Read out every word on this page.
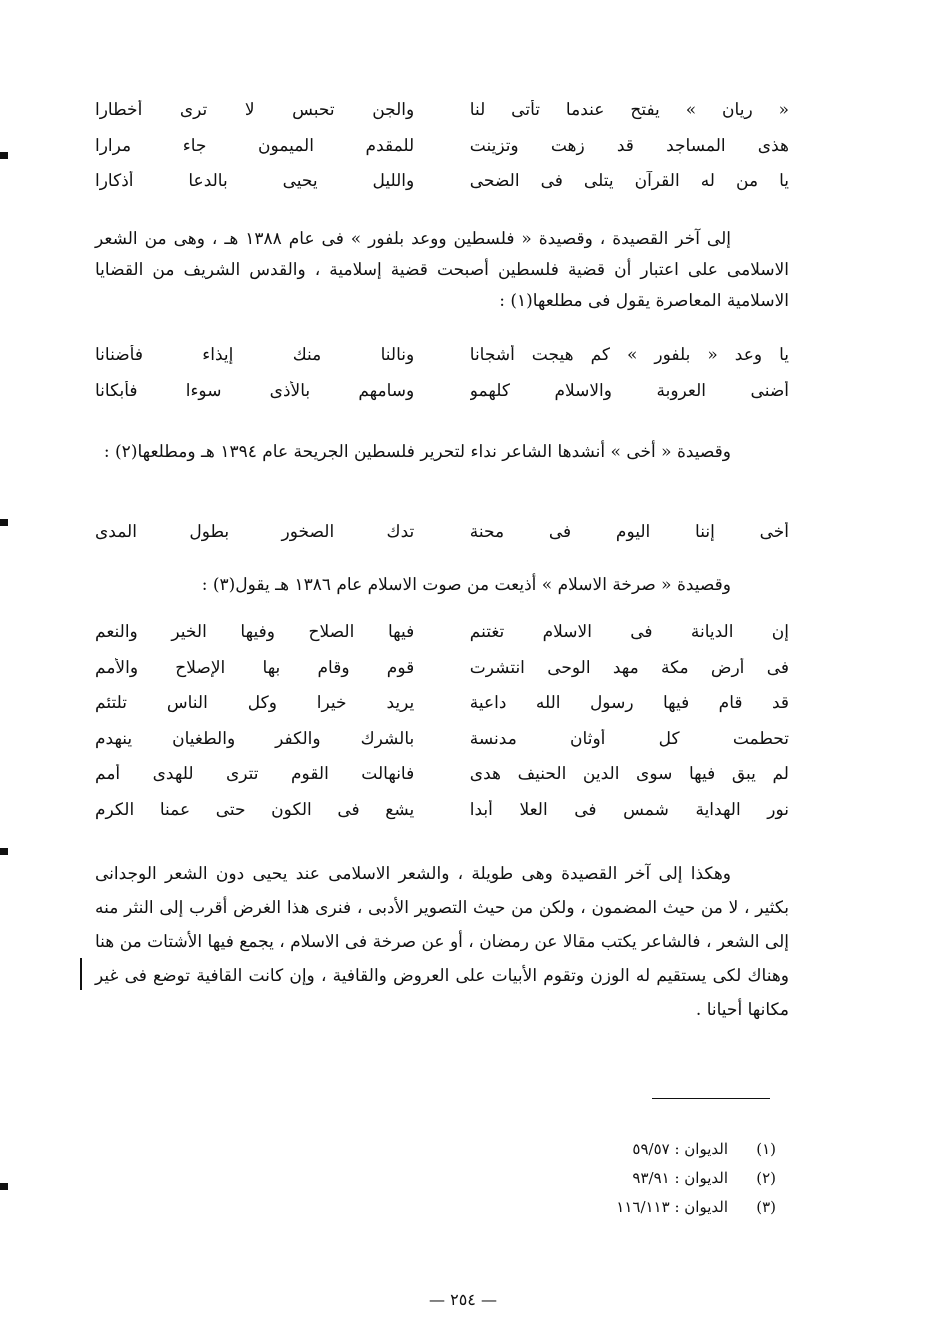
« ريان » يفتح عندما تأتى لنا
والجن تحبس لا ترى أخطارا
هذى المساجد قد زهت وتزينت
للمقدم الميمون جاء مرارا
يا من له القرآن يتلى فى الضحى
والليل يحيى بالدعا أذكارا
إلى آخر القصيدة ، وقصيدة « فلسطين ووعد بلفور » فى عام ١٣٨٨ هـ ، وهى من الشعر الاسلامى على اعتبار أن قضية فلسطين أصبحت قضية إسلامية ، والقدس الشريف من القضايا الاسلامية المعاصرة يقول فى مطلعها(١) :
يا وعد « بلفور » كم هيجت أشجانا
ونالنا منك إيذاء فأضنانا
أضنى العروبة والاسلام كلهمو
وسامهم بالأذى سوءا فأبكانا
وقصيدة « أخى » أنشدها الشاعر نداء لتحرير فلسطين الجريحة عام ١٣٩٤ هـ ومطلعها(٢) :
أخى إننا اليوم فى محنة
تدك الصخور بطول المدى
وقصيدة « صرخة الاسلام » أذيعت من صوت الاسلام عام ١٣٨٦ هـ يقول(٣) :
إن الديانة فى الاسلام تغتنم
فيها الصلاح وفيها الخير والنعم
فى أرض مكة مهد الوحى انتشرت
قوم وقام بها الإصلاح والأمم
قد قام فيها رسول الله داعية
يريد خيرا وكل الناس تلتئم
تحطمت كل أوثان مدنسة
بالشرك والكفر والطغيان ينهدم
لم يبق فيها سوى الدين الحنيف هدى
فانهالت القوم تترى للهدى أمم
نور الهداية شمس فى العلا أبدا
يشع فى الكون حتى عمنا الكرم
وهكذا إلى آخر القصيدة وهى طويلة ، والشعر الاسلامى عند يحيى دون الشعر الوجدانى بكثير ، لا من حيث المضمون ، ولكن من حيث التصوير الأدبى ، فنرى هذا الغرض أقرب إلى النثر منه إلى الشعر ، فالشاعر يكتب مقالا عن رمضان ، أو عن صرخة فى الاسلام ، يجمع فيها الأشتات من هنا وهناك لكى يستقيم له الوزن وتقوم الأبيات على العروض والقافية ، وإن كانت القافية توضع فى غير مكانها أحيانا .
(١)
الديوان : ٥٩/٥٧
(٢)
الديوان : ٩٣/٩١
(٣)
الديوان : ١١٦/١١٣
— ٢٥٤ —
